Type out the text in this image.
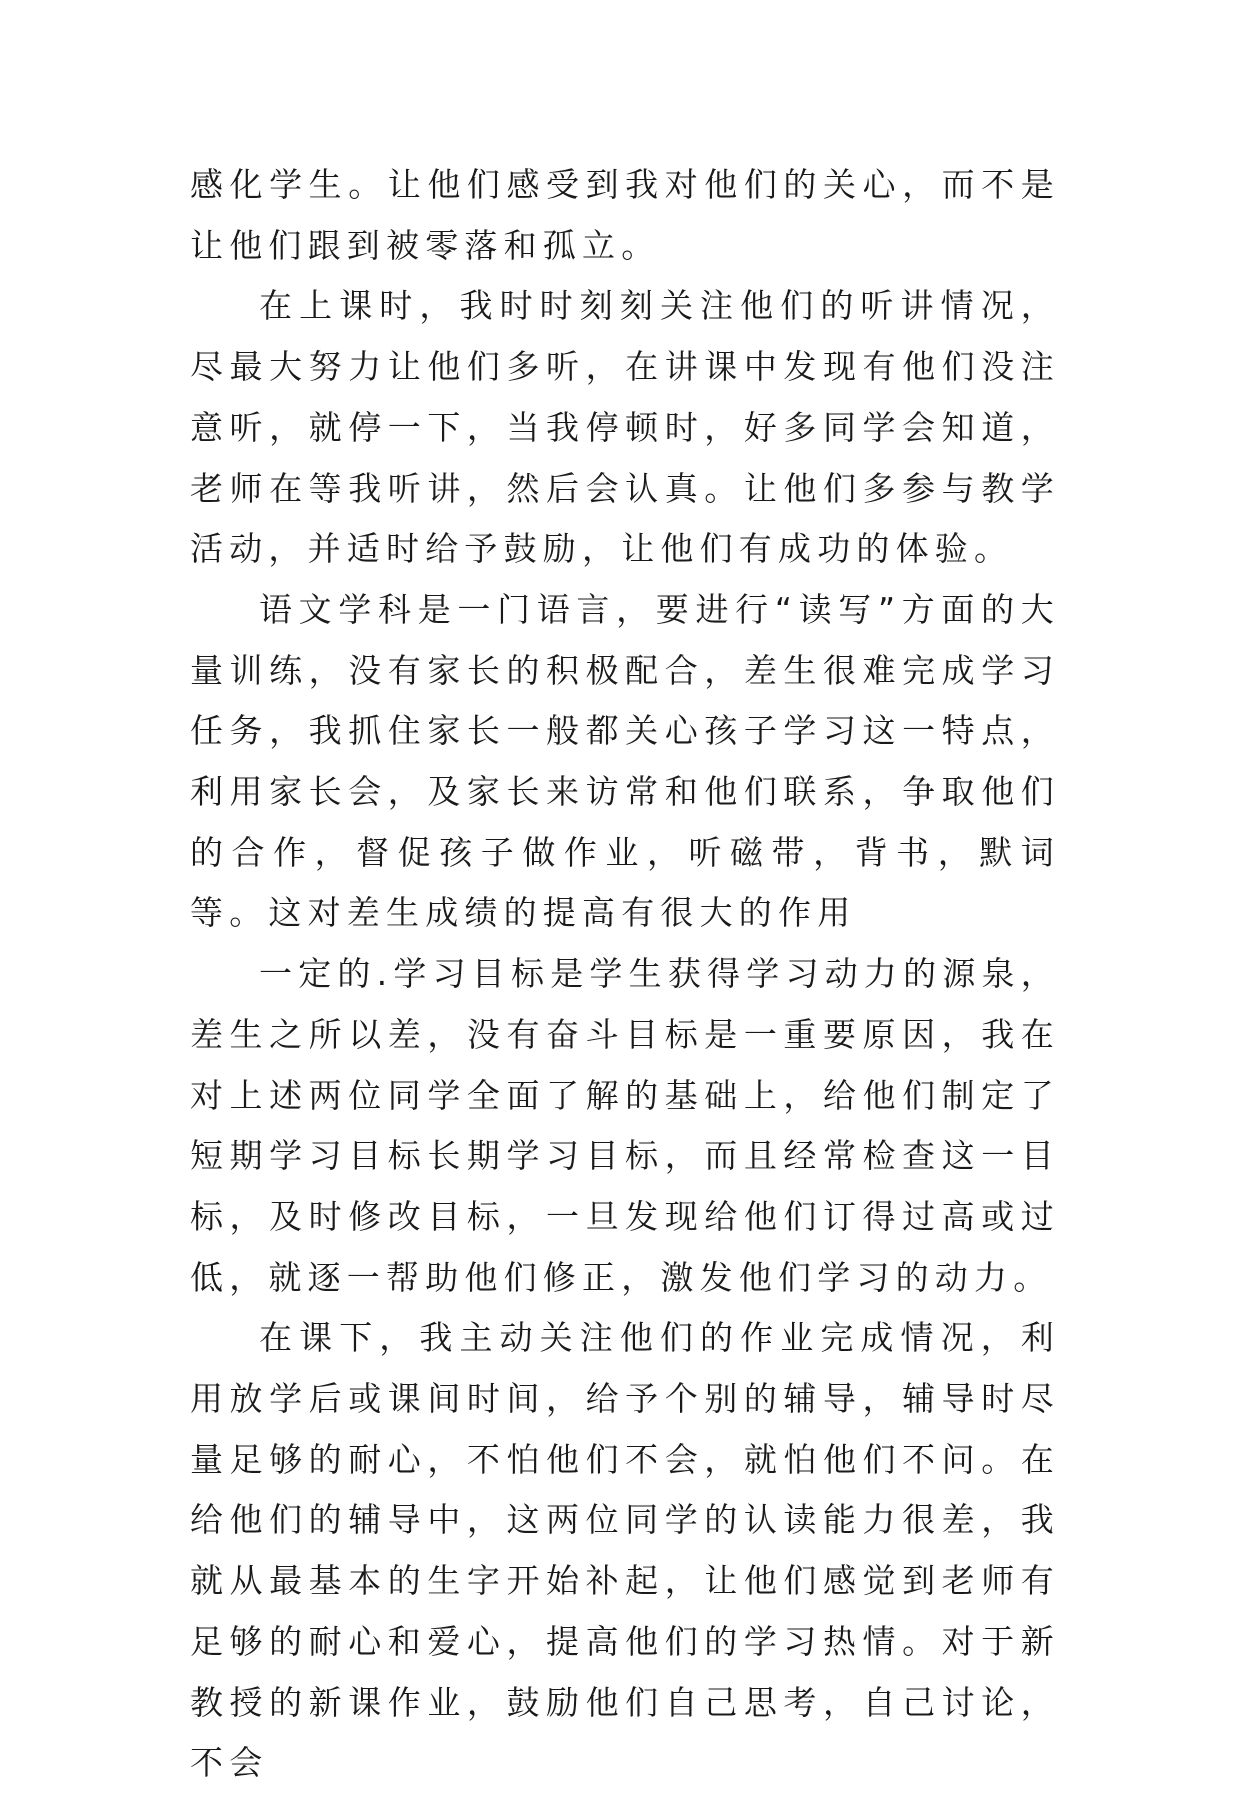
感化学生。让他们感受到我对他们的关心，而不是让他们跟到被零落和孤立。

在上课时，我时时刻刻关注他们的听讲情况，尽最大努力让他们多听，在讲课中发现有他们没注意听，就停一下，当我停顿时，好多同学会知道，老师在等我听讲，然后会认真。让他们多参与教学活动，并适时给予鼓励，让他们有成功的体验。

语文学科是一门语言，要进行“读写”方面的大量训练，没有家长的积极配合，差生很难完成学习任务，我抓住家长一般都关心孩子学习这一特点，利用家长会，及家长来访常和他们联系，争取他们的合作，督促孩子做作业，听磁带，背书，默词等。这对差生成绩的提高有很大的作用

一定的.学习目标是学生获得学习动力的源泉，差生之所以差，没有奋斗目标是一重要原因，我在对上述两位同学全面了解的基础上，给他们制定了短期学习目标长期学习目标，而且经常检查这一目标，及时修改目标，一旦发现给他们订得过高或过低，就逐一帮助他们修正，激发他们学习的动力。

在课下，我主动关注他们的作业完成情况，利用放学后或课间时间，给予个别的辅导，辅导时尽量足够的耐心，不怕他们不会，就怕他们不问。在给他们的辅导中，这两位同学的认读能力很差，我就从最基本的生字开始补起，让他们感觉到老师有足够的耐心和爱心，提高他们的学习热情。对于新教授的新课作业，鼓励他们自己思考，自己讨论，不会
